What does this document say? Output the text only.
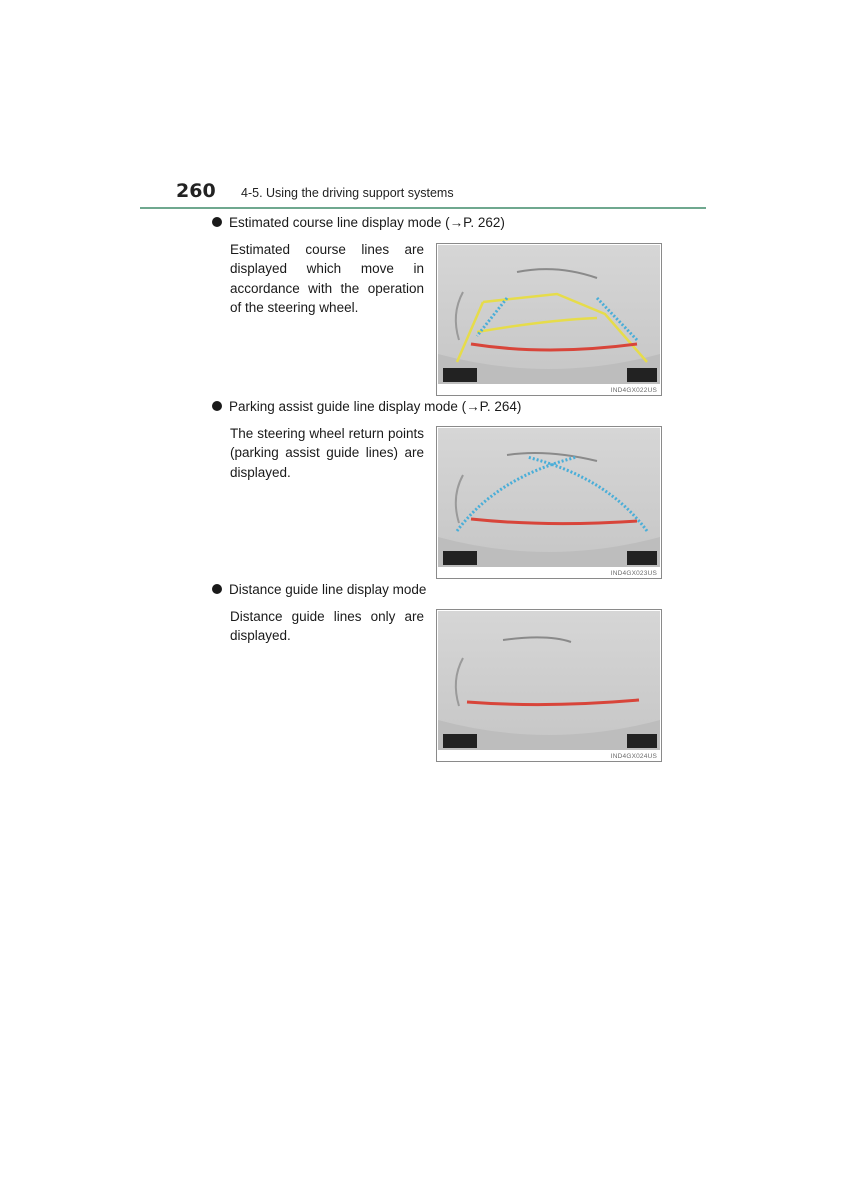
260 4-5. Using the driving support systems
Estimated course line display mode (→P. 262)
Estimated course lines are displayed which move in accordance with the operation of the steering wheel.
IND4GX022US
Parking assist guide line display mode (→P. 264)
The steering wheel return points (parking assist guide lines) are displayed.
IND4GX023US
Distance guide line display mode
Distance guide lines only are displayed.
IND4GX024US
